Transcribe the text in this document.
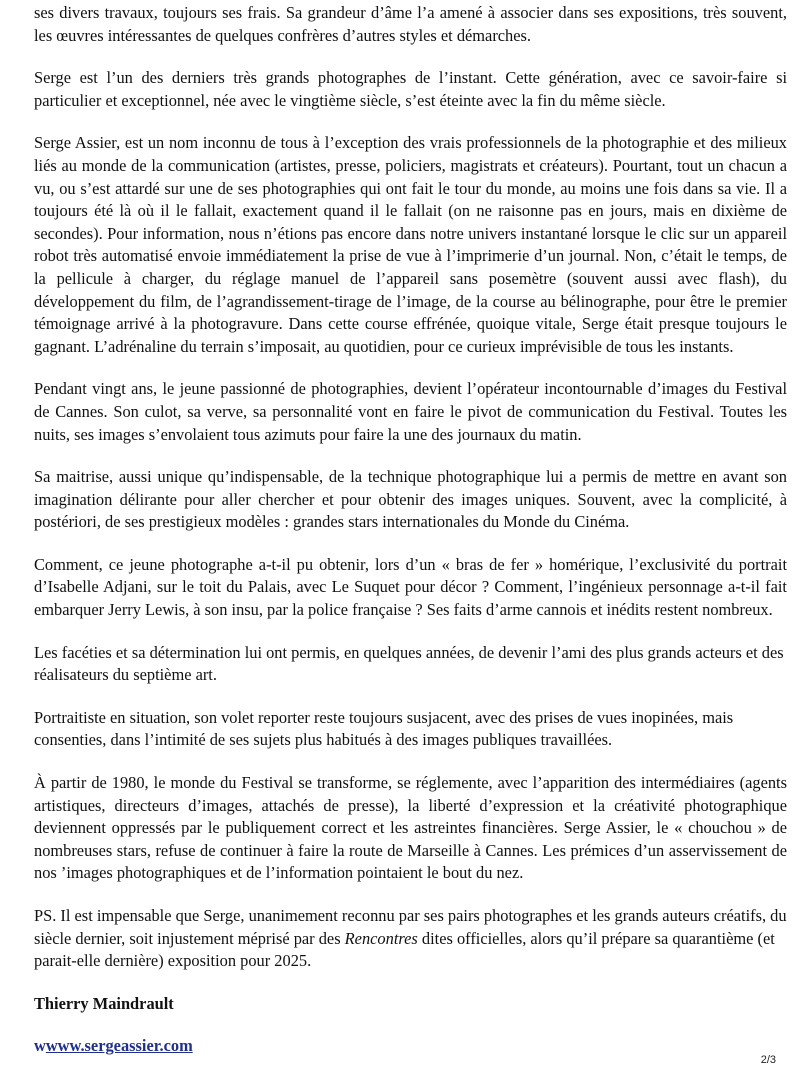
ses divers travaux, toujours ses frais. Sa grandeur d’âme l’a amené à associer dans ses expositions, très souvent, les œuvres intéressantes de quelques confrères d’autres styles et démarches.

Serge est l’un des derniers très grands photographes de l’instant. Cette génération, avec ce savoir-faire si particulier et exceptionnel, née avec le vingtième siècle, s’est éteinte avec la fin du même siècle.

Serge Assier, est un nom inconnu de tous à l’exception des vrais professionnels de la photographie et des milieux liés au monde de la communication (artistes, presse, policiers, magistrats et créateurs). Pourtant, tout un chacun a vu, ou s’est attardé sur une de ses photographies qui ont fait le tour du monde, au moins une fois dans sa vie. Il a toujours été là où il le fallait, exactement quand il le fallait (on ne raisonne pas en jours, mais en dixième de secondes). Pour information, nous n’étions pas encore dans notre univers instantané lorsque le clic sur un appareil robot très automatisé envoie immédiatement la prise de vue à l’imprimerie d’un journal. Non, c’était le temps, de la pellicule à charger, du réglage manuel de l’appareil sans posemètre (souvent aussi avec flash), du développement du film, de l’agrandissement-tirage de l’image, de la course au bélinographe, pour être le premier témoignage arrivé à la photogravure. Dans cette course effrénée, quoique vitale, Serge était presque toujours le gagnant. L’adrénaline du terrain s’imposait, au quotidien, pour ce curieux imprévisible de tous les instants.

Pendant vingt ans, le jeune passionné de photographies, devient l’opérateur incontournable d’images du Festival de Cannes. Son culot, sa verve, sa personnalité vont en faire le pivot de communication du Festival. Toutes les nuits, ses images s’envolaient tous azimuts pour faire la une des journaux du matin.

Sa maitrise, aussi unique qu’indispensable, de la technique photographique lui a permis de mettre en avant son imagination délirante pour aller chercher et pour obtenir des images uniques. Souvent, avec la complicité, à postériori, de ses prestigieux modèles : grandes stars internationales du Monde du Cinéma.

Comment, ce jeune photographe a-t-il pu obtenir, lors d’un « bras de fer » homérique, l’exclusivité du portrait d’Isabelle Adjani, sur le toit du Palais, avec Le Suquet pour décor ? Comment, l’ingénieux personnage a-t-il fait embarquer Jerry Lewis, à son insu, par la police française ? Ses faits d’arme cannois et inédits restent nombreux.

Les facéties et sa détermination lui ont permis, en quelques années, de devenir l’ami des plus grands acteurs et des réalisateurs du septième art.

Portraitiste en situation, son volet reporter reste toujours susjacent, avec des prises de vues inopinées, mais consenties, dans l’intimité de ses sujets plus habitués à des images publiques travaillées.

À partir de 1980, le monde du Festival se transforme, se réglemente, avec l’apparition des intermédiaires (agents artistiques, directeurs d’images, attachés de presse), la liberté d’expression et la créativité photographique deviennent oppressés par le publiquement correct et les astreintes financières. Serge Assier, le « chouchou » de nombreuses stars, refuse de continuer à faire la route de Marseille à Cannes. Les prémices d’un asservissement de nos ’images photographiques et de l’information pointaient le bout du nez.

PS. Il est impensable que Serge, unanimement reconnu par ses pairs photographes et les grands auteurs créatifs, du siècle dernier, soit injustement méprisé par des Rencontres dites officielles, alors qu’il prépare sa quarantième (et parait-elle dernière) exposition pour 2025.

Thierry Maindrault

wwww.sergeassier.com

2/3
